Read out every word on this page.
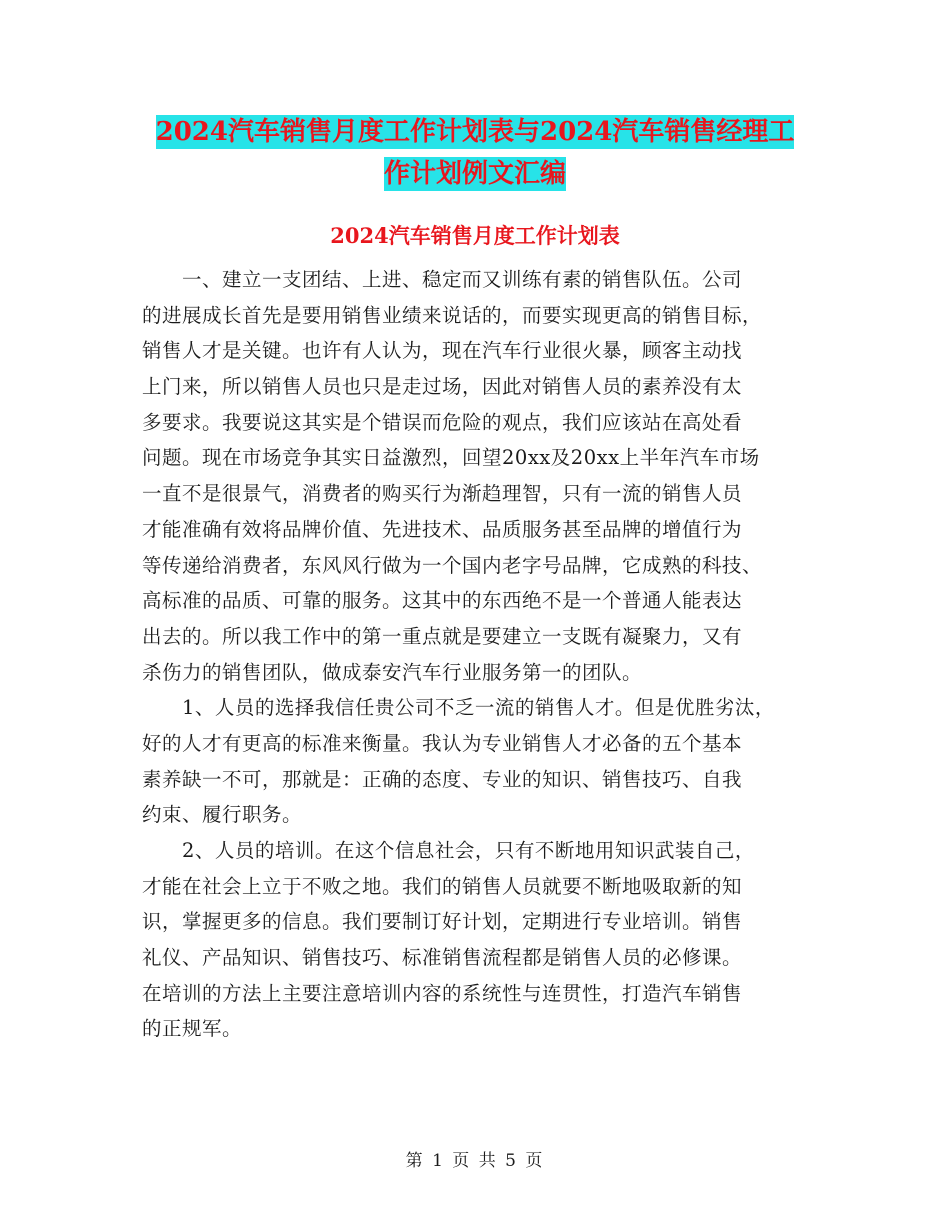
2024汽车销售月度工作计划表与2024汽车销售经理工
作计划例文汇编
2024汽车销售月度工作计划表
一、建立一支团结、上进、稳定而又训练有素的销售队伍。公司
的进展成长首先是要用销售业绩来说话的，而要实现更高的销售目标，
销售人才是关键。也许有人认为，现在汽车行业很火暴，顾客主动找
上门来，所以销售人员也只是走过场，因此对销售人员的素养没有太
多要求。我要说这其实是个错误而危险的观点，我们应该站在高处看
问题。现在市场竞争其实日益激烈，回望20xx及20xx上半年汽车市场
一直不是很景气，消费者的购买行为渐趋理智，只有一流的销售人员
才能准确有效将品牌价值、先进技术、品质服务甚至品牌的增值行为
等传递给消费者，东风风行做为一个国内老字号品牌，它成熟的科技、
高标准的品质、可靠的服务。这其中的东西绝不是一个普通人能表达
出去的。所以我工作中的第一重点就是要建立一支既有凝聚力，又有
杀伤力的销售团队，做成泰安汽车行业服务第一的团队。
1、人员的选择我信任贵公司不乏一流的销售人才。但是优胜劣汰，
好的人才有更高的标准来衡量。我认为专业销售人才必备的五个基本
素养缺一不可，那就是：正确的态度、专业的知识、销售技巧、自我
约束、履行职务。
2、人员的培训。在这个信息社会，只有不断地用知识武装自己，
才能在社会上立于不败之地。我们的销售人员就要不断地吸取新的知
识，掌握更多的信息。我们要制订好计划，定期进行专业培训。销售
礼仪、产品知识、销售技巧、标准销售流程都是销售人员的必修课。
在培训的方法上主要注意培训内容的系统性与连贯性，打造汽车销售
的正规军。
第 1 页 共 5 页
